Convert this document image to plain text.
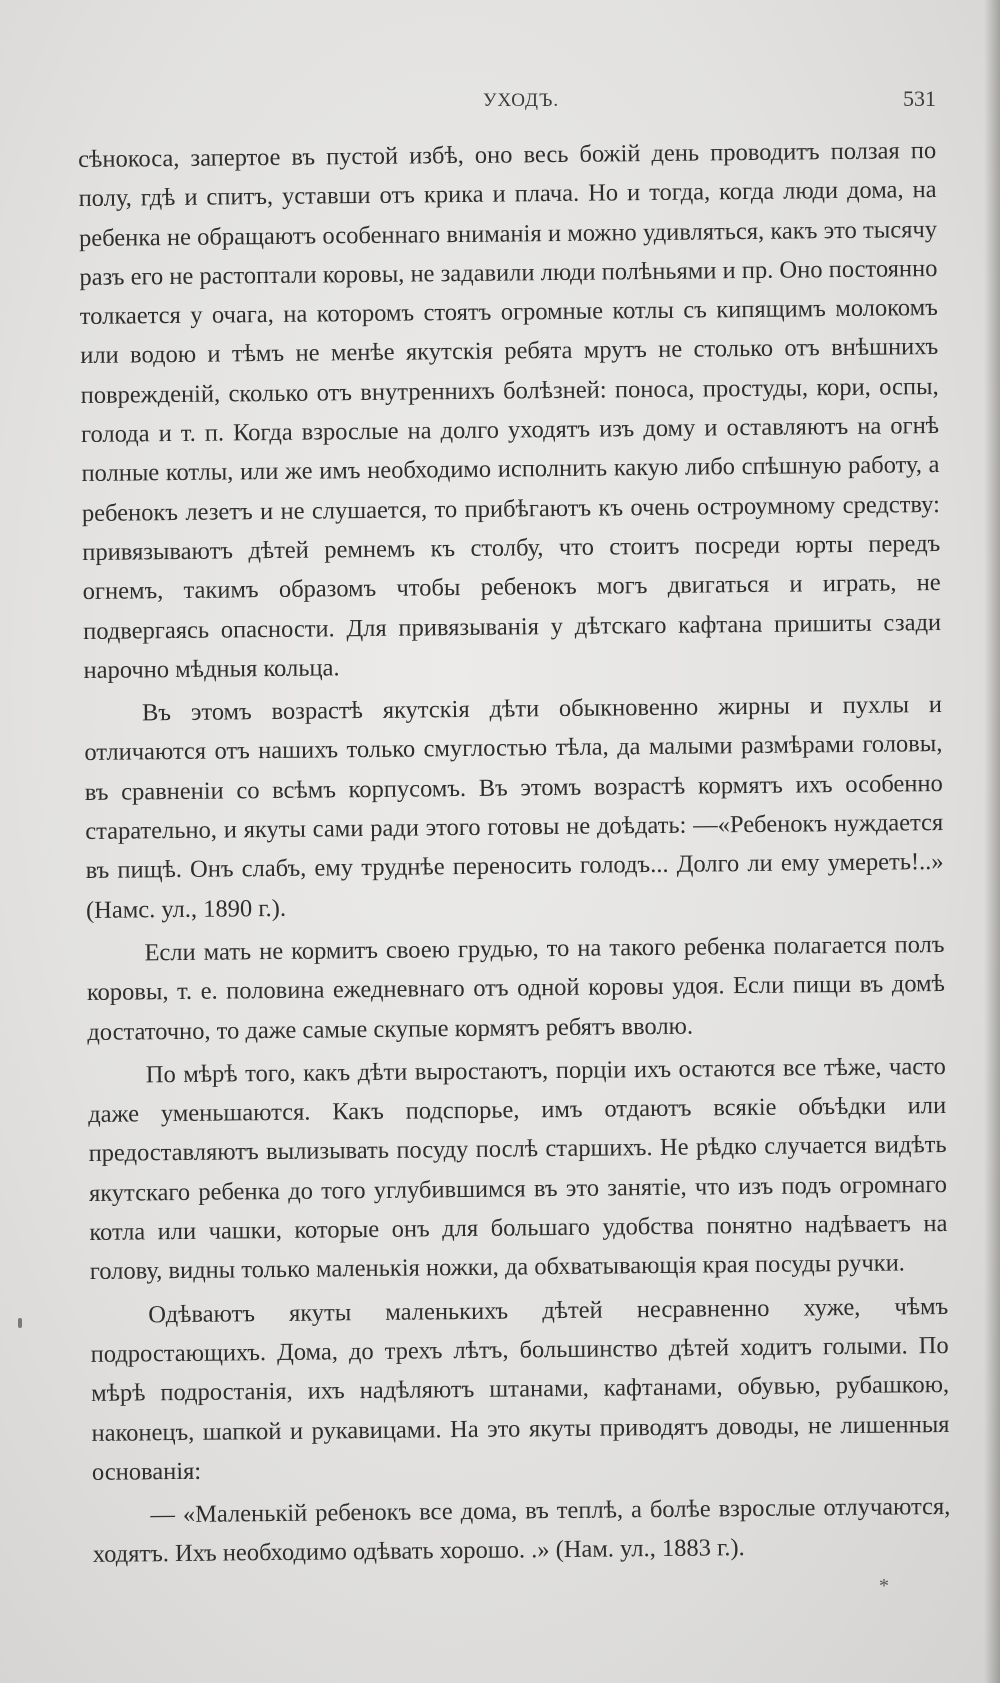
УХОДЪ.	531

сѣнокоса, запертое въ пустой избѣ, оно весь божій день проводитъ ползая по полу, гдѣ и спитъ, уставши отъ крика и плача. Но и тогда, когда люди дома, на ребенка не обращаютъ особеннаго вниманія и можно удивляться, какъ это тысячу разъ его не растоптали коровы, не задавили люди полѣньями и пр. Оно постоянно толкается у очага, на которомъ стоятъ огромные котлы съ кипящимъ молокомъ или водою и тѣмъ не менѣе якутскія ребята мрутъ не столько отъ внѣшнихъ поврежденій, сколько отъ внутреннихъ болѣзней: поноса, простуды, кори, оспы, голода и т. п. Когда взрослые на долго уходятъ изъ дому и оставляютъ на огнѣ полные котлы, или же имъ необходимо исполнить какую либо спѣшную работу, а ребенокъ лезетъ и не слушается, то прибѣгаютъ къ очень остроумному средству: привязываютъ дѣтей ремнемъ къ столбу, что стоитъ посреди юрты передъ огнемъ, такимъ образомъ чтобы ребенокъ могъ двигаться и играть, не подвергаясь опасности. Для привязыванія у дѣтскаго кафтана пришиты сзади нарочно мѣдныя кольца.

Въ этомъ возрастѣ якутскія дѣти обыкновенно жирны и пухлы и отличаются отъ нашихъ только смуглостью тѣла, да малыми размѣрами головы, въ сравненіи со всѣмъ корпусомъ. Въ этомъ возрастѣ кормятъ ихъ особенно старательно, и якуты сами ради этого готовы не доѣдать: —«Ребенокъ нуждается въ пищѣ. Онъ слабъ, ему труднѣе переносить голодъ... Долго ли ему умереть!..» (Намс. ул., 1890 г.).

Если мать не кормитъ своею грудью, то на такого ребенка полагается полъ коровы, т. е. половина ежедневнаго отъ одной коровы удоя. Если пищи въ домѣ достаточно, то даже самые скупые кормятъ ребятъ вволю.

По мѣрѣ того, какъ дѣти выростаютъ, порціи ихъ остаются все тѣже, часто даже уменьшаются. Какъ подспорье, имъ отдаютъ всякіе объѣдки или предоставляютъ вылизывать посуду послѣ старшихъ. Не рѣдко случается видѣть якутскаго ребенка до того углубившимся въ это занятіе, что изъ подъ огромнаго котла или чашки, которые онъ для большаго удобства понятно надѣваетъ на голову, видны только маленькія ножки, да обхватывающія края посуды ручки.

Одѣваютъ якуты маленькихъ дѣтей несравненно хуже, чѣмъ подростающихъ. Дома, до трехъ лѣтъ, большинство дѣтей ходитъ голыми. По мѣрѣ подростанія, ихъ надѣляютъ штанами, кафтанами, обувью, рубашкою, наконецъ, шапкой и рукавицами. На это якуты приводятъ доводы, не лишенныя основанія:

— «Маленькій ребенокъ все дома, въ теплѣ, а болѣе взрослые отлучаются, ходятъ. Ихъ необходимо одѣвать хорошо. .» (Нам. ул., 1883 г.).

*
